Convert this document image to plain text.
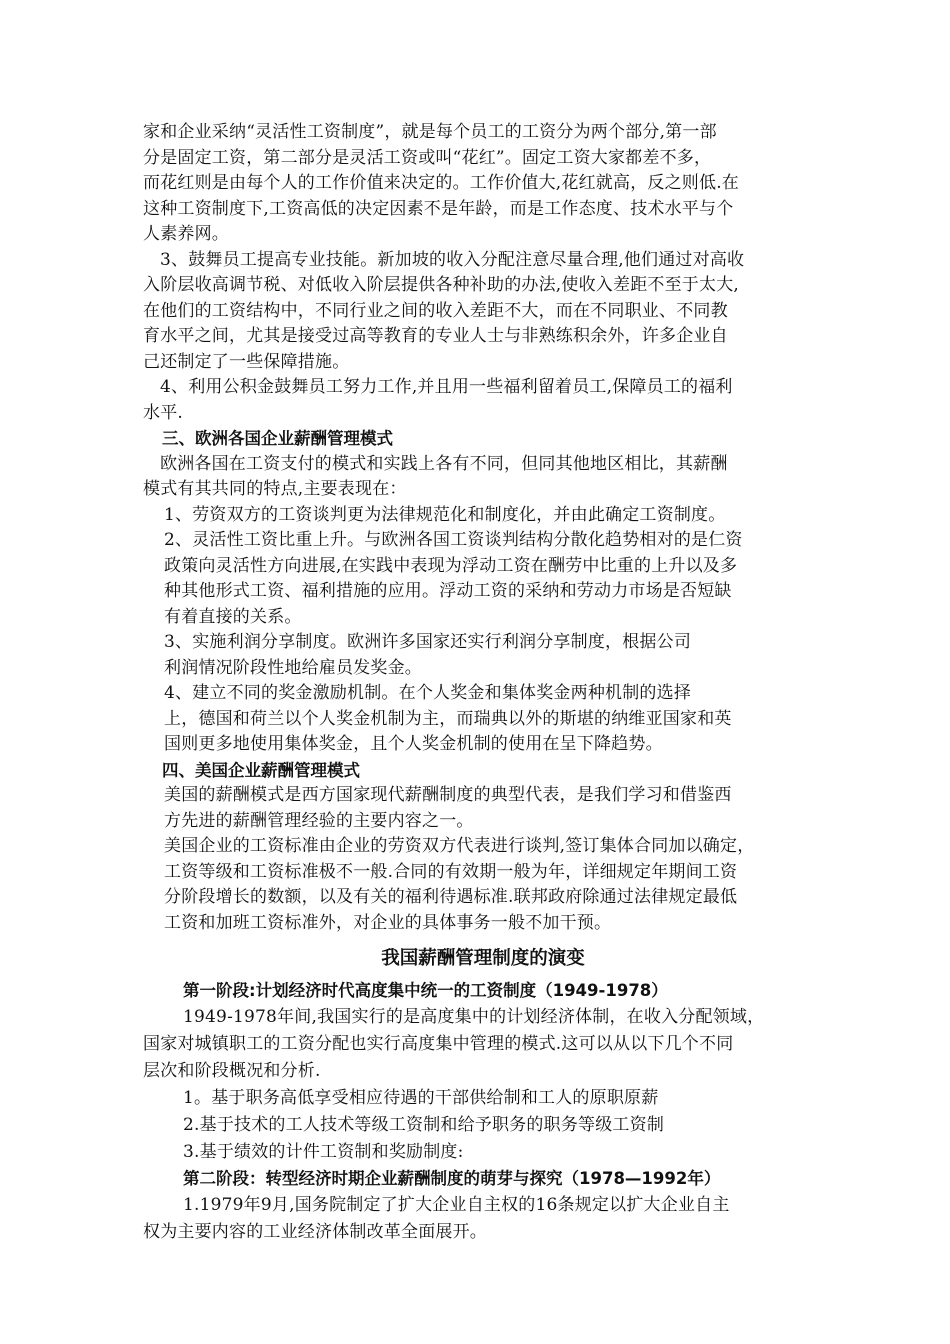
家和企业采纳“灵活性工资制度”，就是每个员工的工资分为两个部分,第一部
分是固定工资，第二部分是灵活工资或叫“花红”。固定工资大家都差不多，
而花红则是由每个人的工作价值来决定的。工作价值大,花红就高，反之则低.在
这种工资制度下,工资高低的决定因素不是年龄，而是工作态度、技术水平与个
人素养网。
3、鼓舞员工提高专业技能。新加坡的收入分配注意尽量合理,他们通过对高收
入阶层收高调节税、对低收入阶层提供各种补助的办法,使收入差距不至于太大,
在他们的工资结构中，不同行业之间的收入差距不大，而在不同职业、不同教
育水平之间，尤其是接受过高等教育的专业人士与非熟练积余外，许多企业自
己还制定了一些保障措施。
4、利用公积金鼓舞员工努力工作,并且用一些福利留着员工,保障员工的福利
水平.
三、欧洲各国企业薪酬管理模式
欧洲各国在工资支付的模式和实践上各有不同，但同其他地区相比，其薪酬
模式有其共同的特点,主要表现在：
1、劳资双方的工资谈判更为法律规范化和制度化，并由此确定工资制度。
2、灵活性工资比重上升。与欧洲各国工资谈判结构分散化趋势相对的是仁资
政策向灵活性方向进展,在实践中表现为浮动工资在酬劳中比重的上升以及多
种其他形式工资、福利措施的应用。浮动工资的采纳和劳动力市场是否短缺
有着直接的关系。
3、实施利润分享制度。欧洲许多国家还实行利润分享制度，根据公司
利润情况阶段性地给雇员发奖金。
4、建立不同的奖金激励机制。在个人奖金和集体奖金两种机制的选择
上，德国和荷兰以个人奖金机制为主，而瑞典以外的斯堪的纳维亚国家和英
国则更多地使用集体奖金，且个人奖金机制的使用在呈下降趋势。
四、美国企业薪酬管理模式
美国的薪酬模式是西方国家现代薪酬制度的典型代表，是我们学习和借鉴西
方先进的薪酬管理经验的主要内容之一。
美国企业的工资标准由企业的劳资双方代表进行谈判,签订集体合同加以确定，
工资等级和工资标准极不一般.合同的有效期一般为年，详细规定年期间工资
分阶段增长的数额，以及有关的福利待遇标准.联邦政府除通过法律规定最低
工资和加班工资标准外，对企业的具体事务一般不加干预。
我国薪酬管理制度的演变
第一阶段:计划经济时代高度集中统一的工资制度（1949-1978）
1949-1978年间,我国实行的是高度集中的计划经济体制，在收入分配领域，
国家对城镇职工的工资分配也实行高度集中管理的模式.这可以从以下几个不同
层次和阶段概况和分析.
1。基于职务高低享受相应待遇的干部供给制和工人的原职原薪
2.基于技术的工人技术等级工资制和给予职务的职务等级工资制
3.基于绩效的计件工资制和奖励制度:
第二阶段：转型经济时期企业薪酬制度的萌芽与探究（1978—1992年）
1.1979年9月,国务院制定了扩大企业自主权的16条规定以扩大企业自主
权为主要内容的工业经济体制改革全面展开。
